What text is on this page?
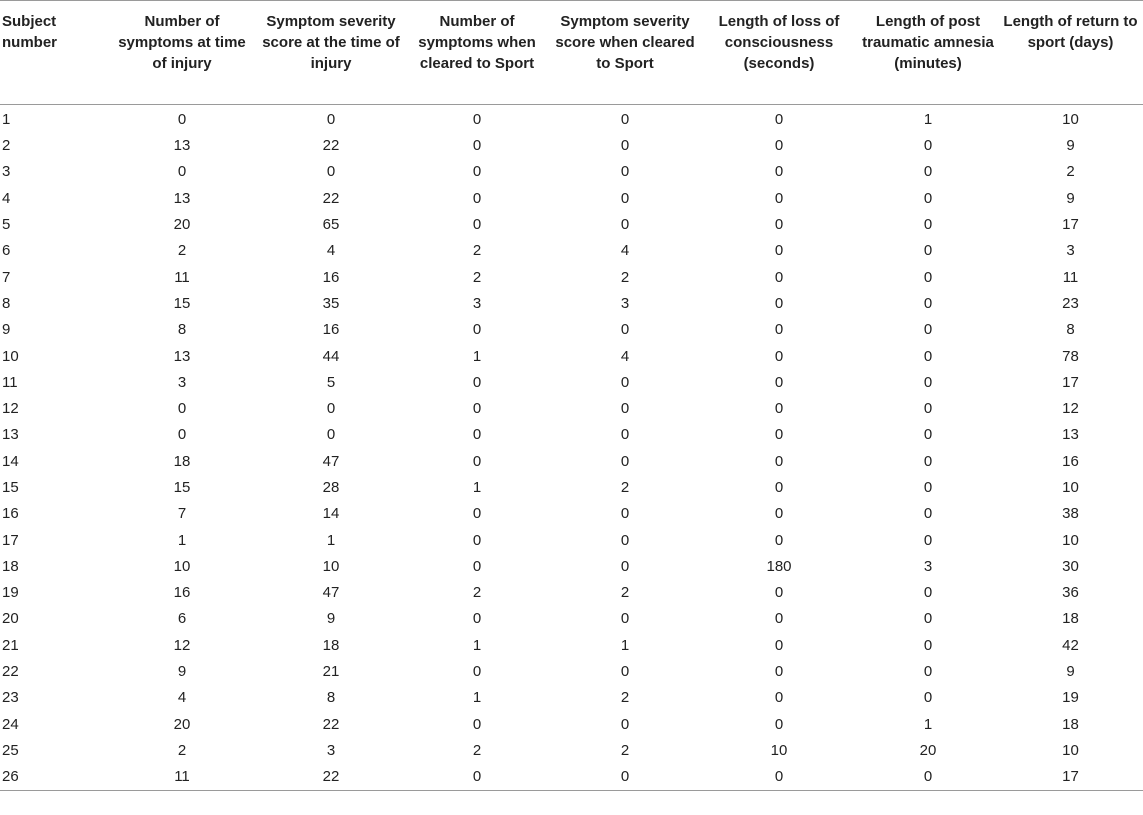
Subject number	Number of symptoms at time of injury	Symptom severity score at the time of injury	Number of symptoms when cleared to Sport	Symptom severity score when cleared to Sport	Length of loss of consciousness (seconds)	Length of post traumatic amnesia (minutes)	Length of return to sport (days)
1	0	0	0	0	0	1	10
2	13	22	0	0	0	0	9
3	0	0	0	0	0	0	2
4	13	22	0	0	0	0	9
5	20	65	0	0	0	0	17
6	2	4	2	4	0	0	3
7	11	16	2	2	0	0	11
8	15	35	3	3	0	0	23
9	8	16	0	0	0	0	8
10	13	44	1	4	0	0	78
11	3	5	0	0	0	0	17
12	0	0	0	0	0	0	12
13	0	0	0	0	0	0	13
14	18	47	0	0	0	0	16
15	15	28	1	2	0	0	10
16	7	14	0	0	0	0	38
17	1	1	0	0	0	0	10
18	10	10	0	0	180	3	30
19	16	47	2	2	0	0	36
20	6	9	0	0	0	0	18
21	12	18	1	1	0	0	42
22	9	21	0	0	0	0	9
23	4	8	1	2	0	0	19
24	20	22	0	0	0	1	18
25	2	3	2	2	10	20	10
26	11	22	0	0	0	0	17
